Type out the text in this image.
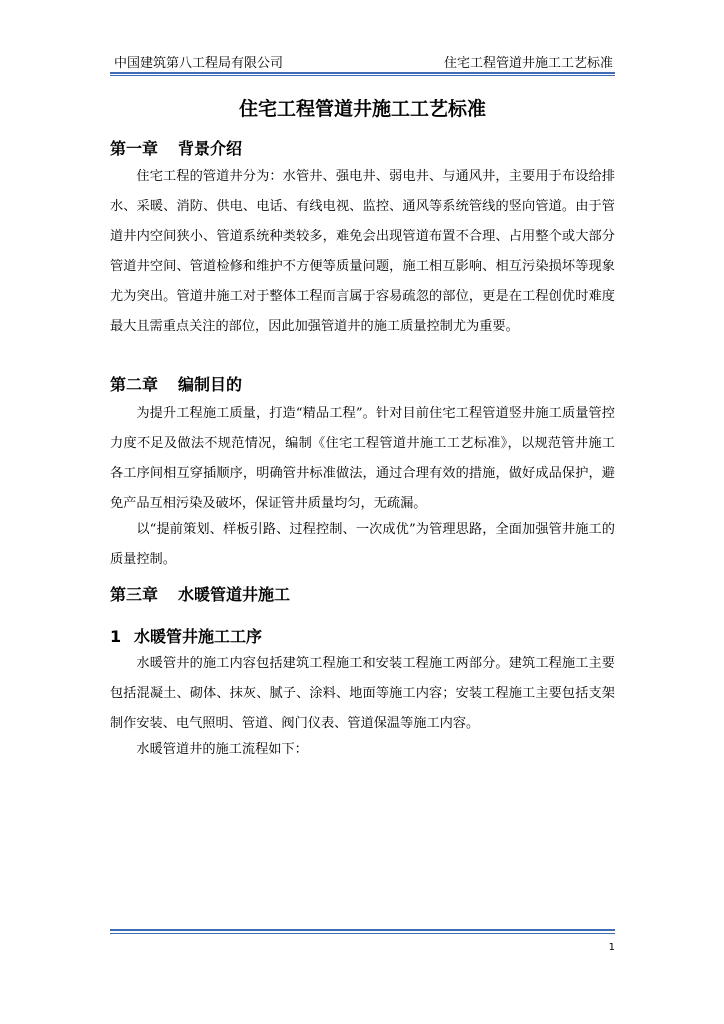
中国建筑第八工程局有限公司	住宅工程管道井施工工艺标准
住宅工程管道井施工工艺标准
第一章 背景介绍
住宅工程的管道井分为：水管井、强电井、弱电井、与通风井，主要用于布设给排水、采暖、消防、供电、电话、有线电视、监控、通风等系统管线的竖向管道。由于管道井内空间狭小、管道系统种类较多，难免会出现管道布置不合理、占用整个或大部分管道井空间、管道检修和维护不方便等质量问题，施工相互影响、相互污染损坏等现象尤为突出。管道井施工对于整体工程而言属于容易疏忽的部位，更是在工程创优时难度最大且需重点关注的部位，因此加强管道井的施工质量控制尤为重要。
第二章 编制目的
为提升工程施工质量，打造“精品工程”。针对目前住宅工程管道竖井施工质量管控力度不足及做法不规范情况，编制《住宅工程管道井施工工艺标准》，以规范管井施工各工序间相互穿插顺序，明确管井标准做法，通过合理有效的措施，做好成品保护，避免产品互相污染及破坏，保证管井质量均匀，无疏漏。
以“提前策划、样板引路、过程控制、一次成优”为管理思路，全面加强管井施工的质量控制。
第三章 水暖管道井施工
1 水暖管井施工工序
水暖管井的施工内容包括建筑工程施工和安装工程施工两部分。建筑工程施工主要包括混凝土、砌体、抹灰、腻子、涂料、地面等施工内容；安装工程施工主要包括支架制作安装、电气照明、管道、阀门仪表、管道保温等施工内容。
水暖管道井的施工流程如下：
1
